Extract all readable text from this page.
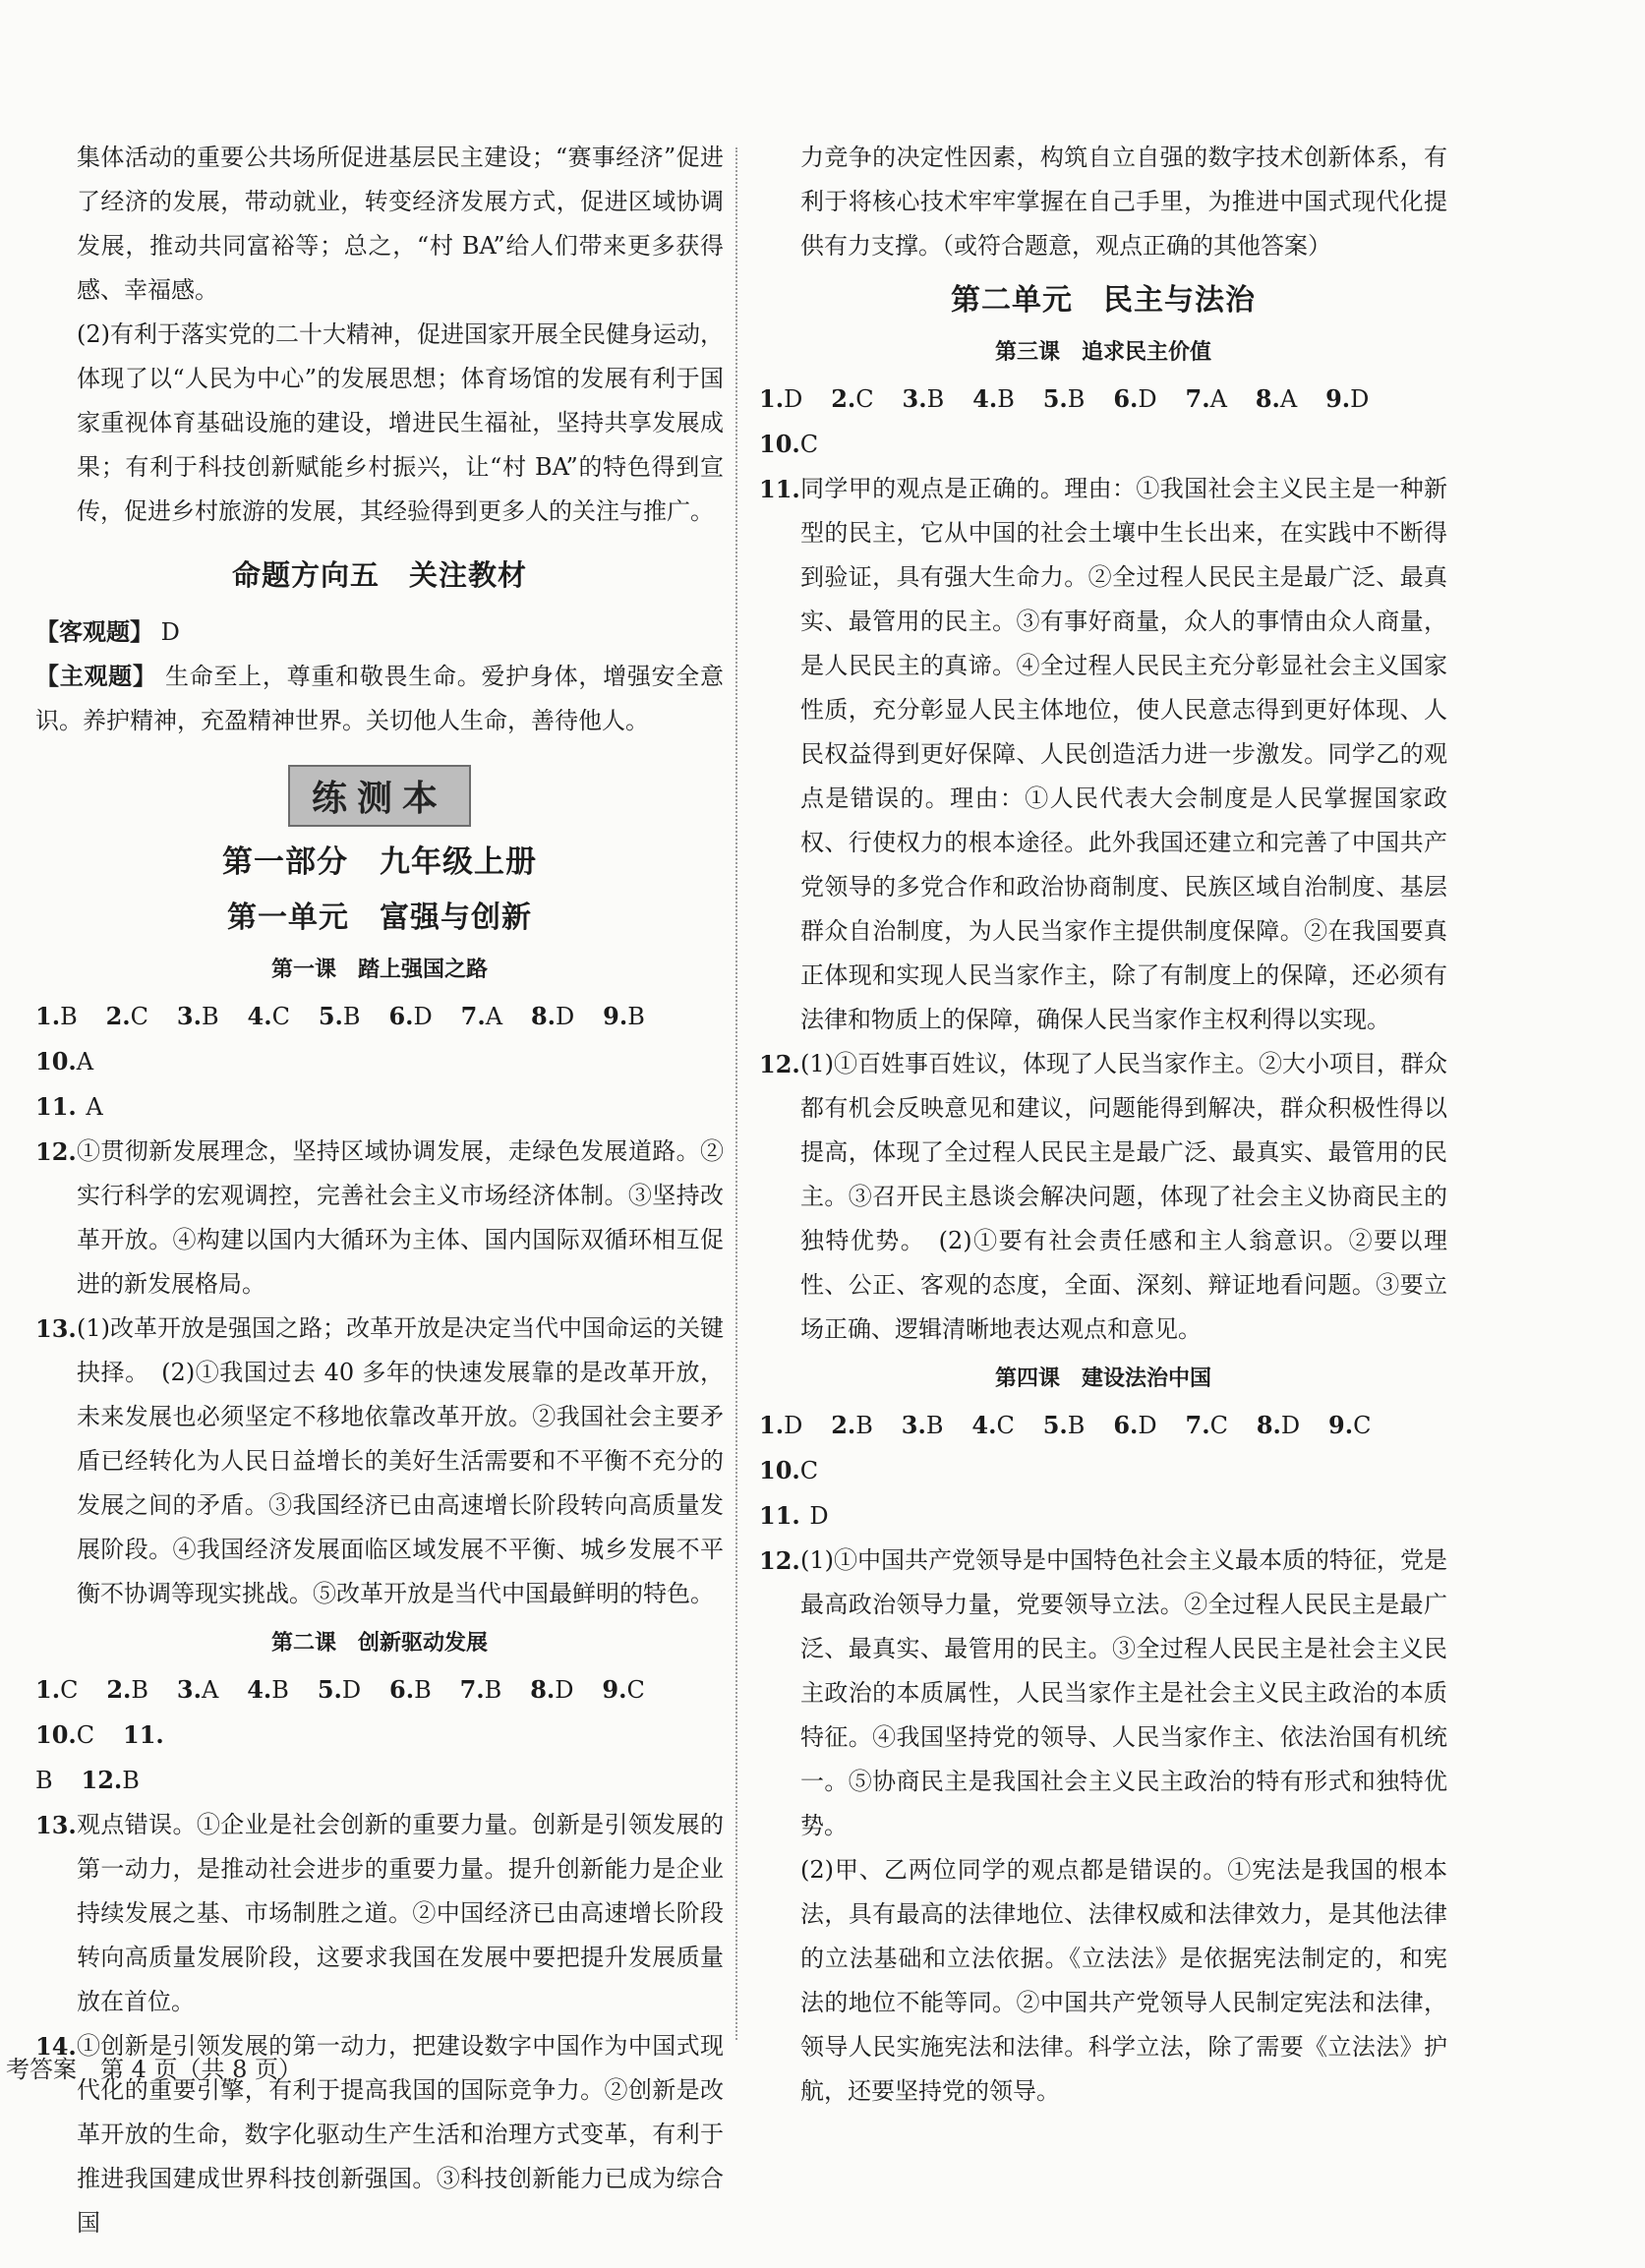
集体活动的重要公共场所促进基层民主建设；“赛事经济”促进了经济的发展，带动就业，转变经济发展方式，促进区域协调发展，推动共同富裕等；总之，“村 BA”给人们带来更多获得感、幸福感。

(2)有利于落实党的二十大精神，促进国家开展全民健身运动，体现了以“人民为中心”的发展思想；体育场馆的发展有利于国家重视体育基础设施的建设，增进民生福祉，坚持共享发展成果；有利于科技创新赋能乡村振兴，让“村 BA”的特色得到宣传，促进乡村旅游的发展，其经验得到更多人的关注与推广。

命题方向五　关注教材

【客观题】 D

【主观题】 生命至上，尊重和敬畏生命。爱护身体，增强安全意识。养护精神，充盈精神世界。关切他人生命，善待他人。

练测本
第一部分　九年级上册
第一单元　富强与创新
第一课　踏上强国之路

1.B 2.C 3.B 4.C 5.B 6.D 7.A 8.D 9.B   10.A

11. A

12. ①贯彻新发展理念，坚持区域协调发展，走绿色发展道路。②实行科学的宏观调控，完善社会主义市场经济体制。③坚持改革开放。④构建以国内大循环为主体、国内国际双循环相互促进的新发展格局。
13. (1)改革开放是强国之路；改革开放是决定当代中国命运的关键抉择。　(2)①我国过去 40 多年的快速发展靠的是改革开放，未来发展也必须坚定不移地依靠改革开放。②我国社会主要矛盾已经转化为人民日益增长的美好生活需要和不平衡不充分的发展之间的矛盾。③我国经济已由高速增长阶段转向高质量发展阶段。④我国经济发展面临区域发展不平衡、城乡发展不平衡不协调等现实挑战。⑤改革开放是当代中国最鲜明的特色。
第二课　创新驱动发展

1.C 2.B 3.A 4.B 5.D 6.B 7.B 8.D 9.C   10.C 11.

B 12.B

13. 观点错误。①企业是社会创新的重要力量。创新是引领发展的第一动力，是推动社会进步的重要力量。提升创新能力是企业持续发展之基、市场制胜之道。②中国经济已由高速增长阶段转向高质量发展阶段，这要求我国在发展中要把提升发展质量放在首位。
14. ①创新是引领发展的第一动力，把建设数字中国作为中国式现代化的重要引擎，有利于提高我国的国际竞争力。②创新是改革开放的生命，数字化驱动生产生活和治理方式变革，有利于推进我国建成世界科技创新强国。③科技创新能力已成为综合国

力竞争的决定性因素，构筑自立自强的数字技术创新体系，有利于将核心技术牢牢掌握在自己手里，为推进中国式现代化提供有力支撑。（或符合题意，观点正确的其他答案）

第二单元　民主与法治
第三课　追求民主价值

1.D 2.C 3.B 4.B 5.B 6.D 7.A 8.A 9.D   10.C

11. 同学甲的观点是正确的。理由：①我国社会主义民主是一种新型的民主，它从中国的社会土壤中生长出来，在实践中不断得到验证，具有强大生命力。②全过程人民民主是最广泛、最真实、最管用的民主。③有事好商量，众人的事情由众人商量，是人民民主的真谛。④全过程人民民主充分彰显社会主义国家性质，充分彰显人民主体地位，使人民意志得到更好体现、人民权益得到更好保障、人民创造活力进一步激发。同学乙的观点是错误的。理由：①人民代表大会制度是人民掌握国家政权、行使权力的根本途径。此外我国还建立和完善了中国共产党领导的多党合作和政治协商制度、民族区域自治制度、基层群众自治制度，为人民当家作主提供制度保障。②在我国要真正体现和实现人民当家作主，除了有制度上的保障，还必须有法律和物质上的保障，确保人民当家作主权利得以实现。
12. (1)①百姓事百姓议，体现了人民当家作主。②大小项目，群众都有机会反映意见和建议，问题能得到解决，群众积极性得以提高，体现了全过程人民民主是最广泛、最真实、最管用的民主。③召开民主恳谈会解决问题，体现了社会主义协商民主的独特优势。　(2)①要有社会责任感和主人翁意识。②要以理性、公正、客观的态度，全面、深刻、辩证地看问题。③要立场正确、逻辑清晰地表达观点和意见。
第四课　建设法治中国

1.D 2.B 3.B 4.C 5.B 6.D 7.C 8.D 9.C   10.C

11. D

12. (1)①中国共产党领导是中国特色社会主义最本质的特征，党是最高政治领导力量，党要领导立法。②全过程人民民主是最广泛、最真实、最管用的民主。③全过程人民民主是社会主义民主政治的本质属性，人民当家作主是社会主义民主政治的本质特征。④我国坚持党的领导、人民当家作主、依法治国有机统一。⑤协商民主是我国社会主义民主政治的特有形式和独特优势。

(2)甲、乙两位同学的观点都是错误的。①宪法是我国的根本法，具有最高的法律地位、法律权威和法律效力，是其他法律的立法基础和立法依据。《立法法》是依据宪法制定的，和宪法的地位不能等同。②中国共产党领导人民制定宪法和法律，领导人民实施宪法和法律。科学立法，除了需要《立法法》护航，还要坚持党的领导。

考答案　第 4 页（共 8 页）
